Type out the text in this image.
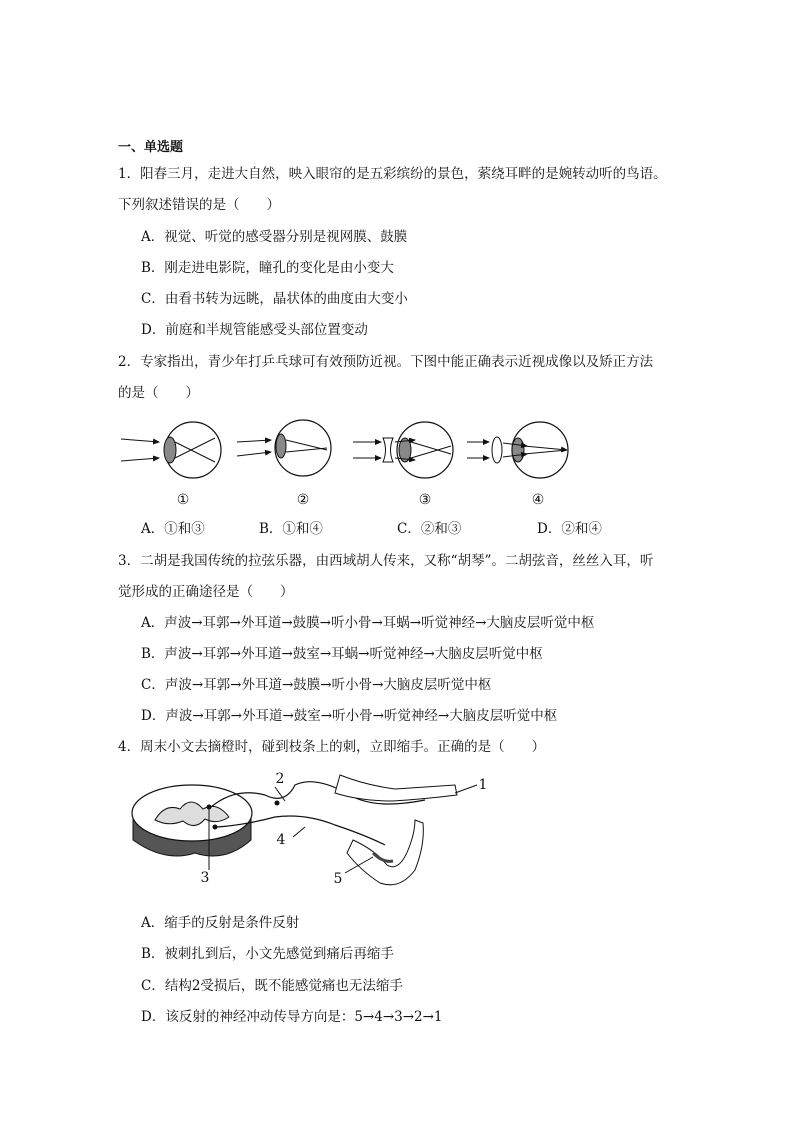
一、单选题
1．阳春三月，走进大自然，映入眼帘的是五彩缤纷的景色，萦绕耳畔的是婉转动听的鸟语。
下列叙述错误的是（　　）
A．视觉、听觉的感受器分别是视网膜、鼓膜
B．刚走进电影院，瞳孔的变化是由小变大
C．由看书转为远眺，晶状体的曲度由大变小
D．前庭和半规管能感受头部位置变动
2．专家指出，青少年打乒乓球可有效预防近视。下图中能正确表示近视成像以及矫正方法
的是（　　）
①	②	③	④
A．①和③	B．①和④	C．②和③	D．②和④
3．二胡是我国传统的拉弦乐器，由西域胡人传来，又称“胡琴”。二胡弦音，丝丝入耳，听
觉形成的正确途径是（　　）
A．声波→耳郭→外耳道→鼓膜→听小骨→耳蜗→听觉神经→大脑皮层听觉中枢
B．声波→耳郭→外耳道→鼓室→耳蜗→听觉神经→大脑皮层听觉中枢
C．声波→耳郭→外耳道→鼓膜→听小骨→大脑皮层听觉中枢
D．声波→耳郭→外耳道→鼓室→听小骨→听觉神经→大脑皮层听觉中枢
4．周末小文去摘橙时，碰到枝条上的刺，立即缩手。正确的是（　　）
1
2
3
4
5
A．缩手的反射是条件反射
B．被刺扎到后，小文先感觉到痛后再缩手
C．结构2受损后，既不能感觉痛也无法缩手
D．该反射的神经冲动传导方向是：5→4→3→2→1
